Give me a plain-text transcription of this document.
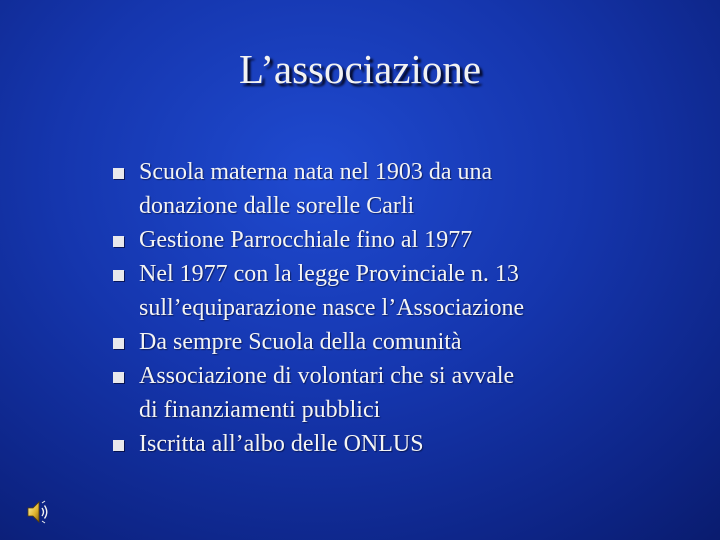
L’associazione
Scuola materna nata nel 1903 da una
donazione dalle sorelle Carli
Gestione Parrocchiale fino al 1977
Nel 1977 con la legge Provinciale n. 13
sull’equiparazione nasce l’Associazione
Da sempre Scuola della comunità
Associazione di volontari che si avvale
di finanziamenti pubblici
Iscritta all’albo delle ONLUS
